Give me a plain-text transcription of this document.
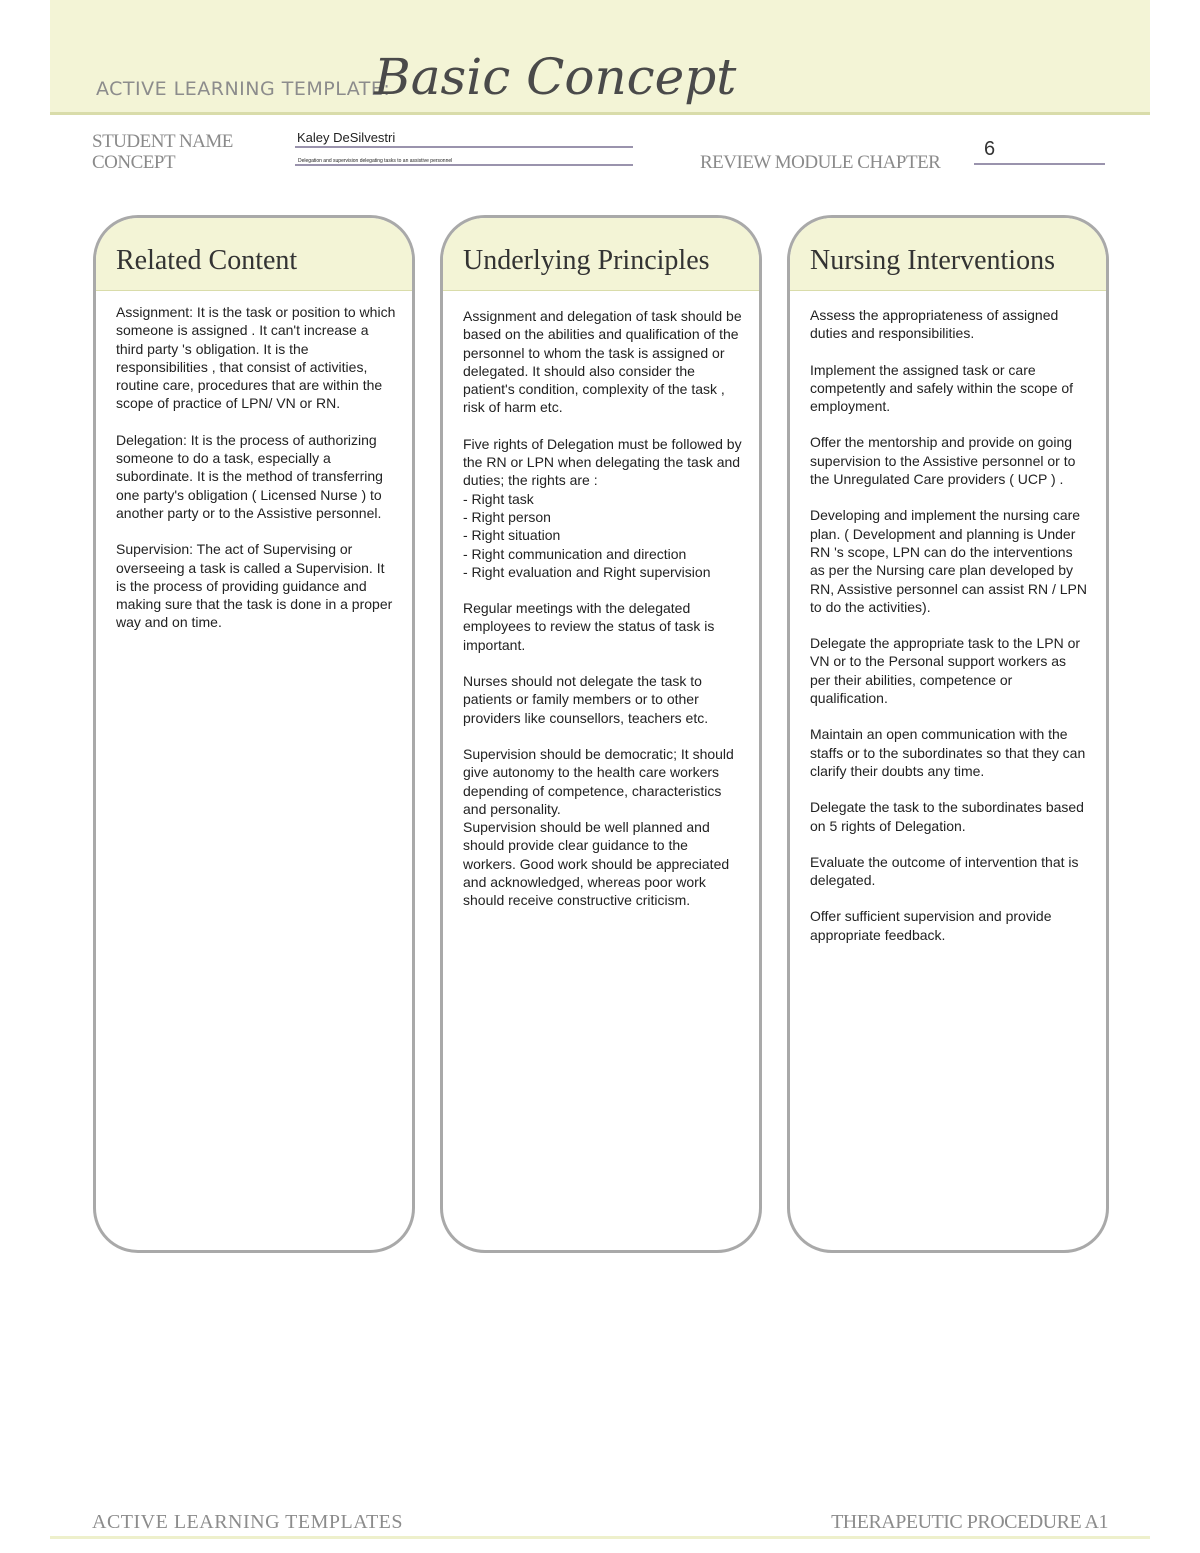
ACTIVE LEARNING TEMPLATE:
Basic Concept
STUDENT NAME
CONCEPT
Kaley DeSilvestri
Delegation and supervision delegating tasks to an assistive personnel	REVIEW MODULE CHAPTER
6
Related Content

Assignment: It is the task or position to which someone is assigned . It can't increase a third party 's obligation. It is the responsibilities , that consist of activities, routine care, procedures that are within the scope of practice of LPN/ VN or RN.

Delegation: It is the process of authorizing someone to do a task, especially a subordinate. It is the method of transferring one party's obligation ( Licensed Nurse ) to another party or to the Assistive personnel.

Supervision: The act of Supervising or overseeing a task is called a Supervision. It is the process of providing guidance and making sure that the task is done in a proper way and on time.

Underlying Principles

Assignment and delegation of task should be based on the abilities and qualification of the personnel to whom the task is assigned or delegated. It should also consider the patient's condition, complexity of the task , risk of harm etc.

Five rights of Delegation must be followed by the RN or LPN when delegating the task and duties; the rights are :
- Right task
- Right person
- Right situation
- Right communication and direction
- Right evaluation and Right supervision

Regular meetings with the delegated employees to review the status of task is important.

Nurses should not delegate the task to patients or family members or to other providers like counsellors, teachers etc.

Supervision should be democratic; It should give autonomy to the health care workers depending of competence, characteristics and personality.
Supervision should be well planned and should provide clear guidance to the workers. Good work should be appreciated and acknowledged, whereas poor work should receive constructive criticism.

Nursing Interventions

Assess the appropriateness of assigned duties and responsibilities.

Implement the assigned task or care competently and safely within the scope of employment.

Offer the mentorship and provide on going supervision to the Assistive personnel or to the Unregulated Care providers ( UCP ) .

Developing and implement the nursing care plan. ( Development and planning is Under RN 's scope, LPN can do the interventions as per the Nursing care plan developed by RN, Assistive personnel can assist RN / LPN to do the activities).

Delegate the appropriate task to the LPN or VN or to the Personal support workers as per their abilities, competence or qualification.

Maintain an open communication with the staffs or to the subordinates so that they can clarify their doubts any time.

Delegate the task to the subordinates based on 5 rights of Delegation.

Evaluate the outcome of intervention that is delegated.

Offer sufficient supervision and provide appropriate feedback.

ACTIVE LEARNING TEMPLATES	THERAPEUTIC PROCEDURE A1
